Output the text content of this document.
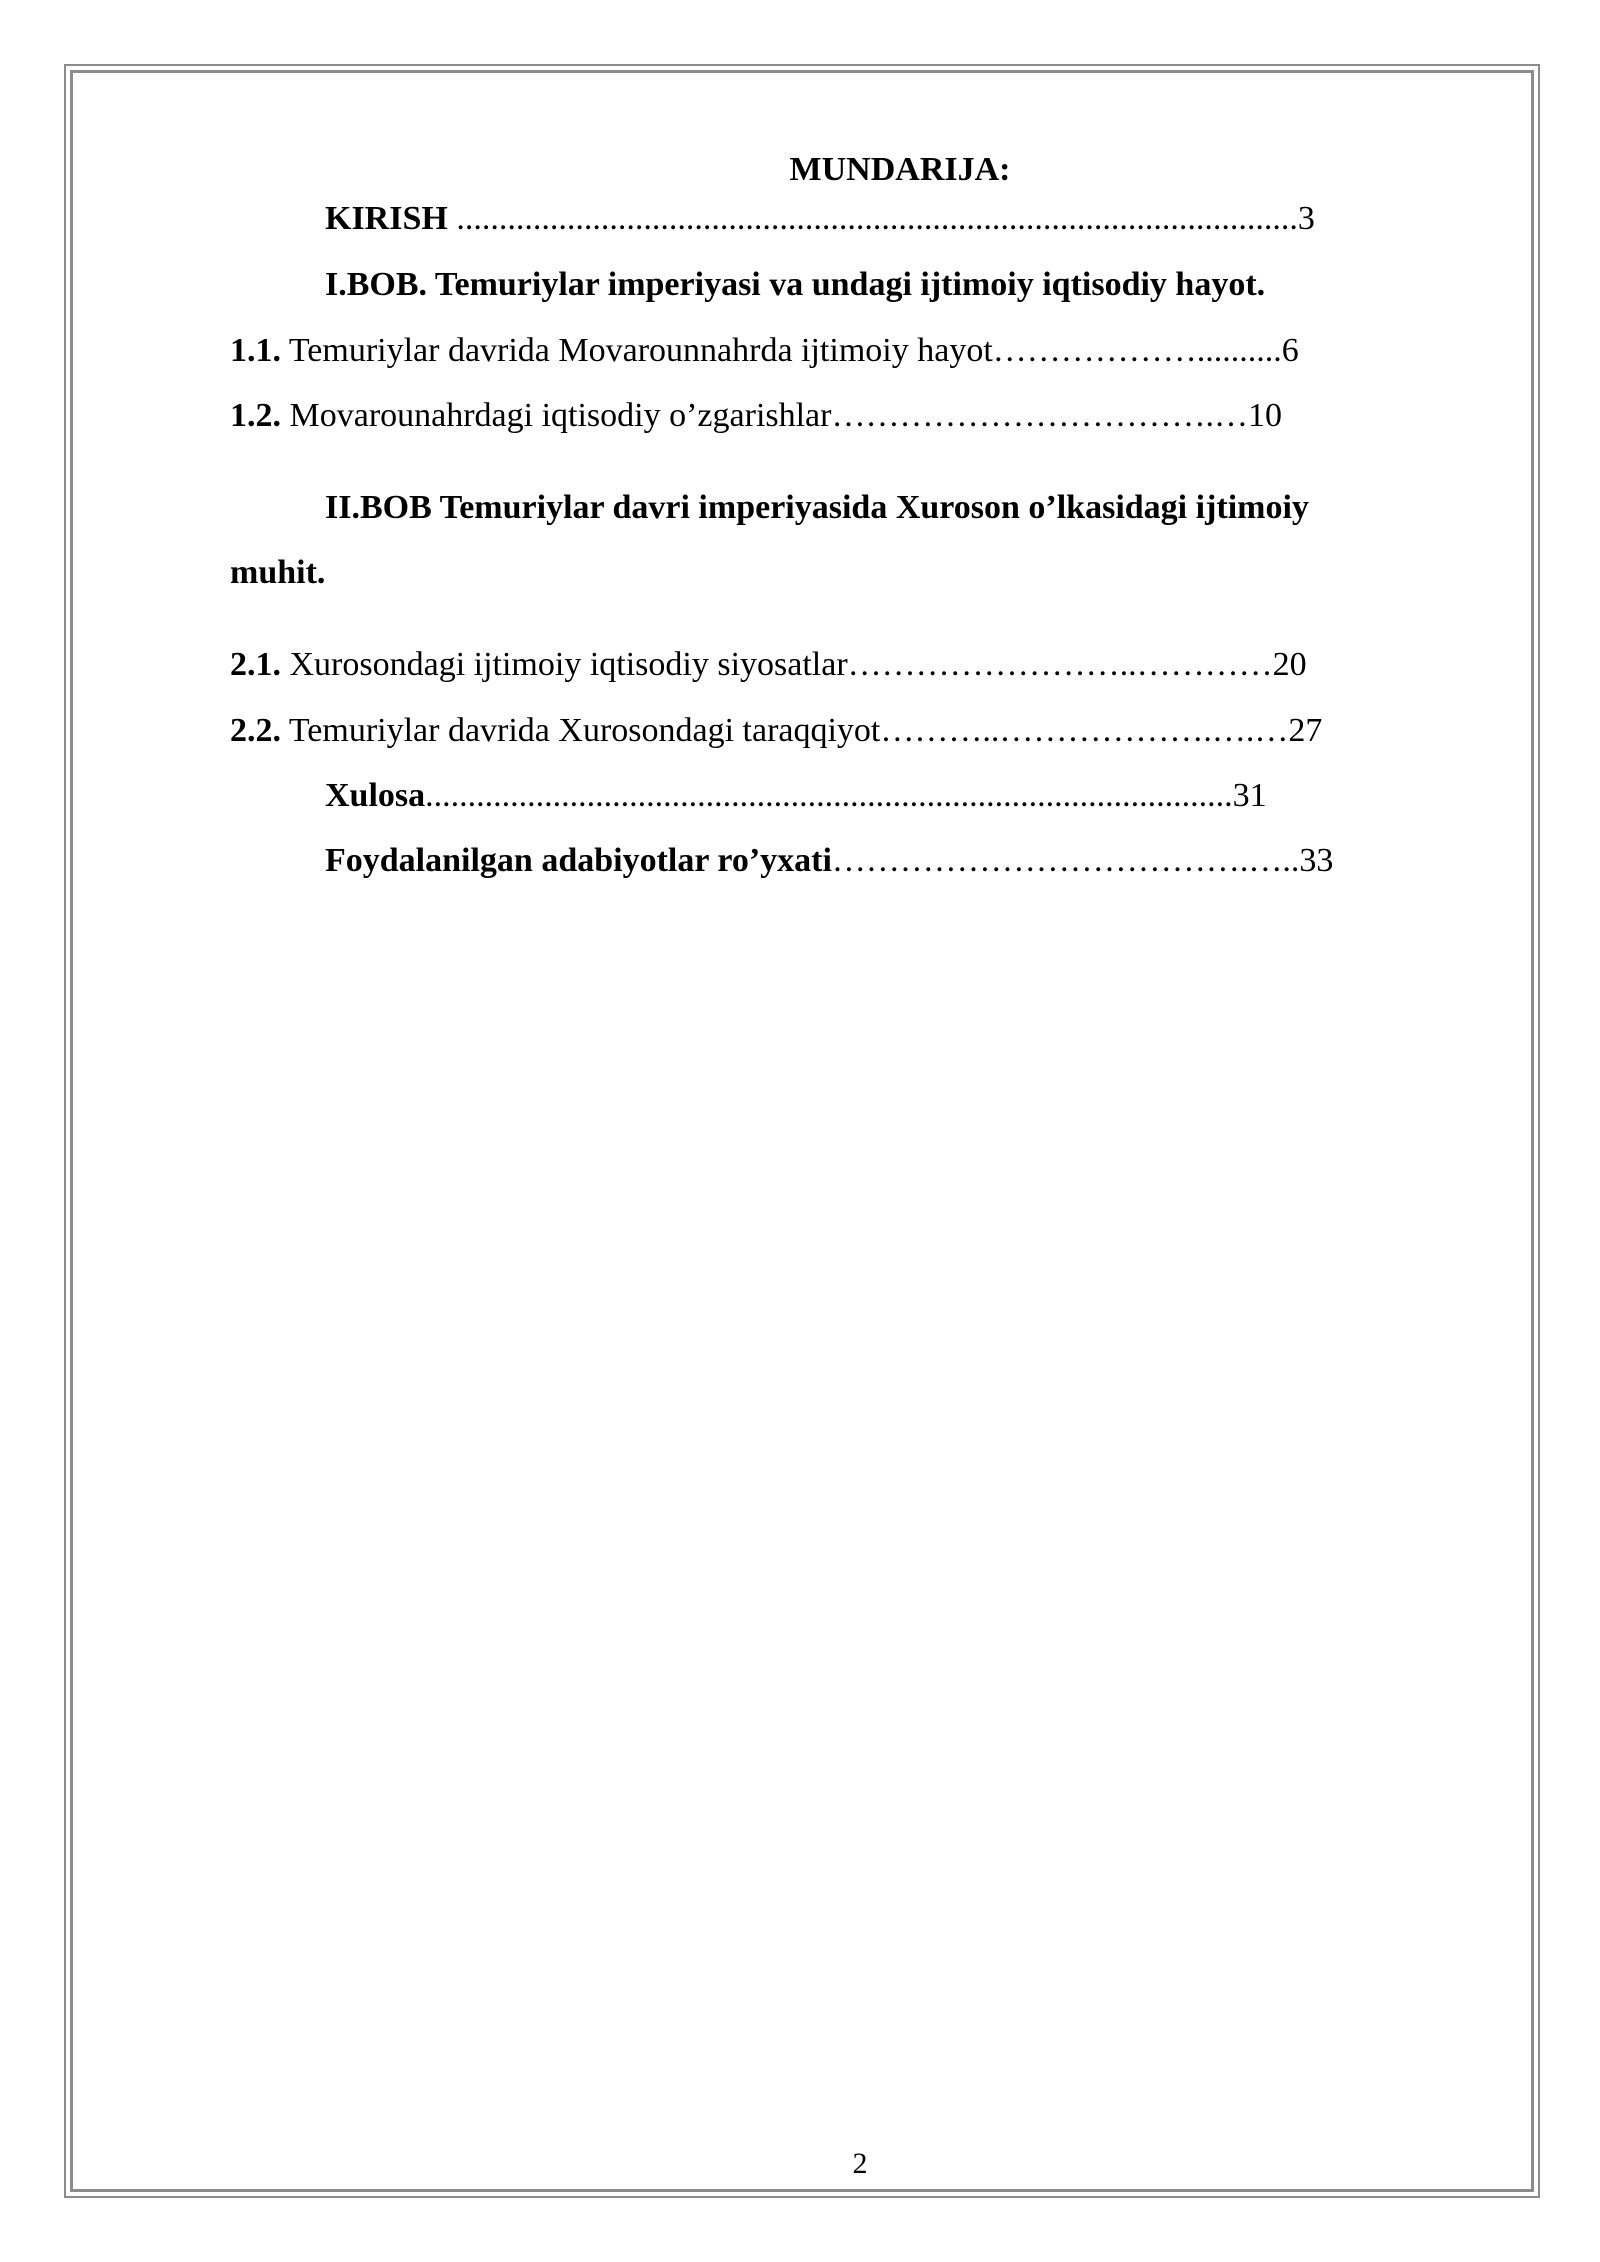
MUNDARIJA:
KIRISH ...................................................................................................3
I.BOB. Temuriylar imperiyasi va undagi ijtimoiy iqtisodiy hayot.
1.1. Temuriylar davrida Movarounnahrda ijtimoiy hayot………………..........6
1.2. Movarounahrdagi iqtisodiy o’zgarishlar…………………………….…10
II.BOB Temuriylar davri imperiyasida Xuroson o’lkasidagi ijtimoiy
muhit.
2.1. Xurosondagi ijtimoiy iqtisodiy siyosatlar……………………..…………20
2.2. Temuriylar davrida Xurosondagi taraqqiyot………..……………….….…27
Xulosa...............................................................................................31
Foydalanilgan adabiyotlar ro’yxati……………………………….…..33
2
